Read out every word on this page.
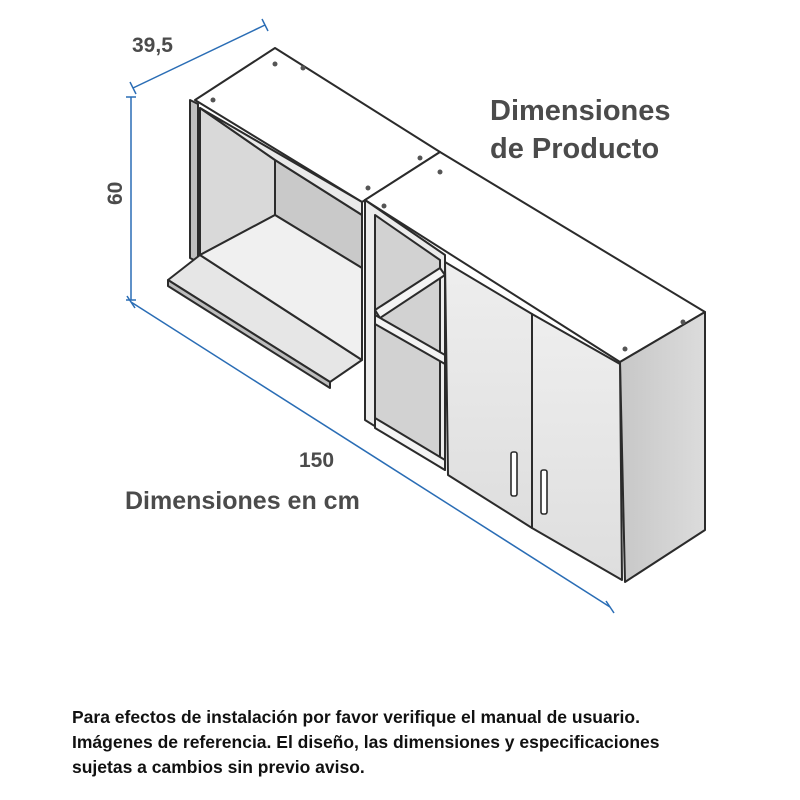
39,5
60
150
Dimensiones
de Producto

Dimensiones en cm

Para efectos de instalación por favor verifique el manual de usuario.
Imágenes de referencia. El diseño, las dimensiones y especificaciones
sujetas a cambios sin previo aviso.
